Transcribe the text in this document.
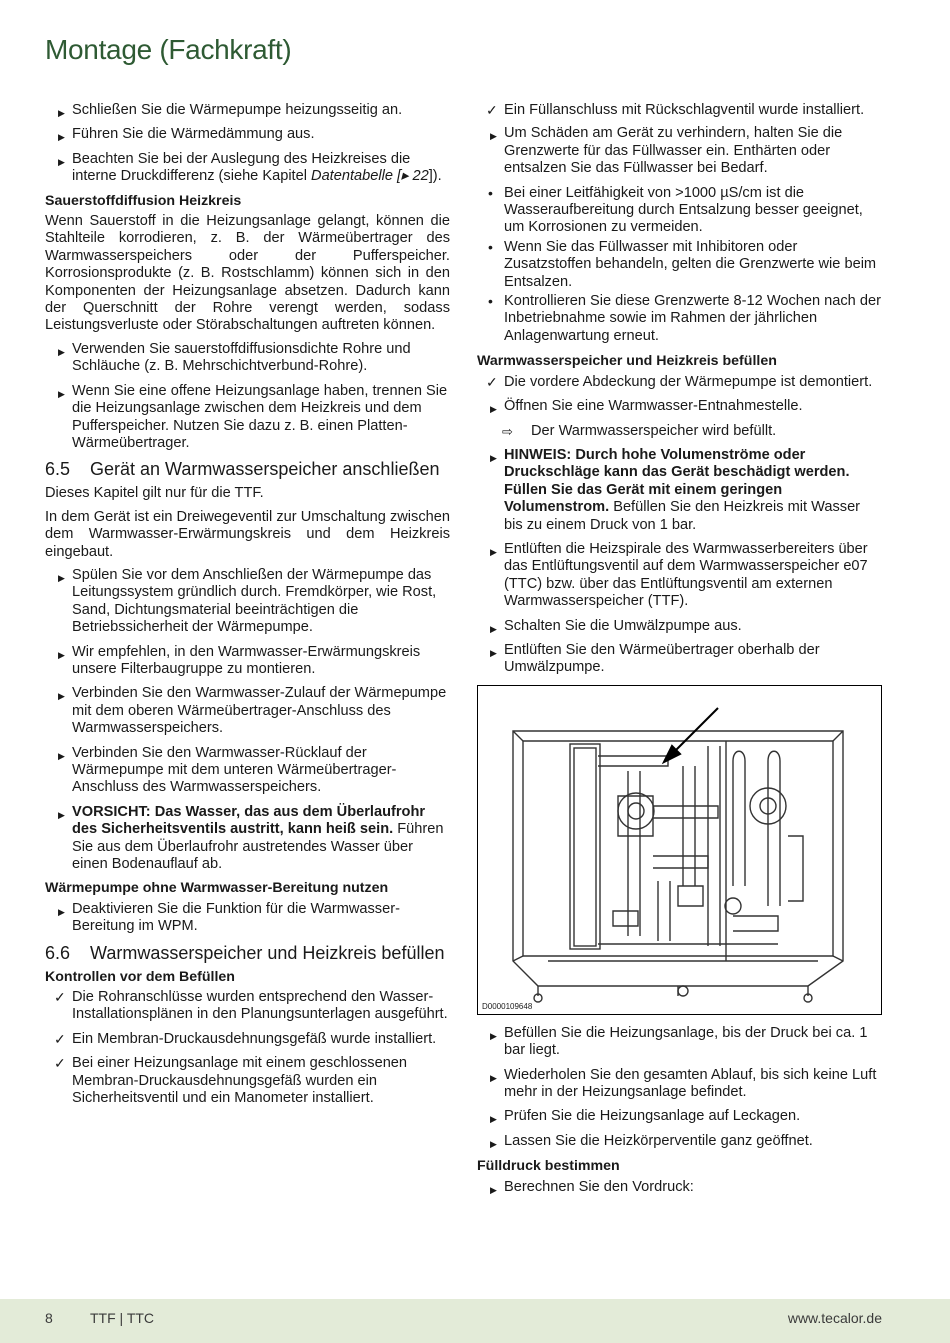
Montage (Fachkraft)
▶ Schließen Sie die Wärmepumpe heizungsseitig an.
▶ Führen Sie die Wärmedämmung aus.
▶ Beachten Sie bei der Auslegung des Heizkreises die interne Druckdifferenz (siehe Kapitel Datentabelle [▸ 22]).
Sauerstoffdiffusion Heizkreis

Wenn Sauerstoff in die Heizungsanlage gelangt, können die Stahlteile korrodieren, z. B. der Wärmeübertrager des Warmwasserspeichers oder der Pufferspeicher. Korrosionsprodukte (z. B. Rostschlamm) können sich in den Komponenten der Heizungsanlage absetzen. Dadurch kann der Querschnitt der Rohre verengt werden, sodass Leistungsverluste oder Störabschaltungen auftreten können.

▶ Verwenden Sie sauerstoffdiffusionsdichte Rohre und Schläuche (z. B. Mehrschichtverbund-Rohre).
▶ Wenn Sie eine offene Heizungsanlage haben, trennen Sie die Heizungsanlage zwischen dem Heizkreis und dem Pufferspeicher. Nutzen Sie dazu z. B. einen Platten-Wärmeübertrager.
6.5	Gerät an Warmwasserspeicher anschließen

Dieses Kapitel gilt nur für die TTF.

In dem Gerät ist ein Dreiwegeventil zur Umschaltung zwischen dem Warmwasser-Erwärmungskreis und dem Heizkreis eingebaut.

▶ Spülen Sie vor dem Anschließen der Wärmepumpe das Leitungssystem gründlich durch. Fremdkörper, wie Rost, Sand, Dichtungsmaterial beeinträchtigen die Betriebssicherheit der Wärmepumpe.
▶ Wir empfehlen, in den Warmwasser-Erwärmungskreis unsere Filterbaugruppe zu montieren.
▶ Verbinden Sie den Warmwasser-Zulauf der Wärmepumpe mit dem oberen Wärmeübertrager-Anschluss des Warmwasserspeichers.
▶ Verbinden Sie den Warmwasser-Rücklauf der Wärmepumpe mit dem unteren Wärmeübertrager-Anschluss des Warmwasserspeichers.
▶ VORSICHT: Das Wasser, das aus dem Überlaufrohr des Sicherheitsventils austritt, kann heiß sein. Führen Sie aus dem Überlaufrohr austretendes Wasser über einen Bodenauflauf ab.
Wärmepumpe ohne Warmwasser-Bereitung nutzen
▶ Deaktivieren Sie die Funktion für die Warmwasser-Bereitung im WPM.
6.6	Warmwasserspeicher und Heizkreis befüllen
Kontrollen vor dem Befüllen
✓ Die Rohranschlüsse wurden entsprechend den Wasser-Installationsplänen in den Planungsunterlagen ausgeführt.
✓ Ein Membran-Druckausdehnungsgefäß wurde installiert.
✓ Bei einer Heizungsanlage mit einem geschlossenen Membran-Druckausdehnungsgefäß wurden ein Sicherheitsventil und ein Manometer installiert.
✓ Ein Füllanschluss mit Rückschlagventil wurde installiert.
▶ Um Schäden am Gerät zu verhindern, halten Sie die Grenzwerte für das Füllwasser ein. Enthärten oder entsalzen Sie das Füllwasser bei Bedarf.
• Bei einer Leitfähigkeit von >1000 µS/cm ist die Wasseraufbereitung durch Entsalzung besser geeignet, um Korrosionen zu vermeiden.
• Wenn Sie das Füllwasser mit Inhibitoren oder Zusatzstoffen behandeln, gelten die Grenzwerte wie beim Entsalzen.
• Kontrollieren Sie diese Grenzwerte 8-12 Wochen nach der Inbetriebnahme sowie im Rahmen der jährlichen Anlagenwartung erneut.
Warmwasserspeicher und Heizkreis befüllen
✓ Die vordere Abdeckung der Wärmepumpe ist demontiert.
▶ Öffnen Sie eine Warmwasser-Entnahmestelle.
⇨ Der Warmwasserspeicher wird befüllt.
▶ HINWEIS: Durch hohe Volumenströme oder Druckschläge kann das Gerät beschädigt werden. Füllen Sie das Gerät mit einem geringen Volumenstrom. Befüllen Sie den Heizkreis mit Wasser bis zu einem Druck von 1 bar.
▶ Entlüften die Heizspirale des Warmwasserbereiters über das Entlüftungsventil auf dem Warmwasserspeicher e07 (TTC) bzw. über das Entlüftungsventil am externen Warmwasserspeicher (TTF).
▶ Schalten Sie die Umwälzpumpe aus.
▶ Entlüften Sie den Wärmeübertrager oberhalb der Umwälzpumpe.
D0000109648
▶ Befüllen Sie die Heizungsanlage, bis der Druck bei ca. 1 bar liegt.
▶ Wiederholen Sie den gesamten Ablauf, bis sich keine Luft mehr in der Heizungsanlage befindet.
▶ Prüfen Sie die Heizungsanlage auf Leckagen.
▶ Lassen Sie die Heizkörperventile ganz geöffnet.
Fülldruck bestimmen
▶ Berechnen Sie den Vordruck:
8	TTF | TTC	www.tecalor.de
